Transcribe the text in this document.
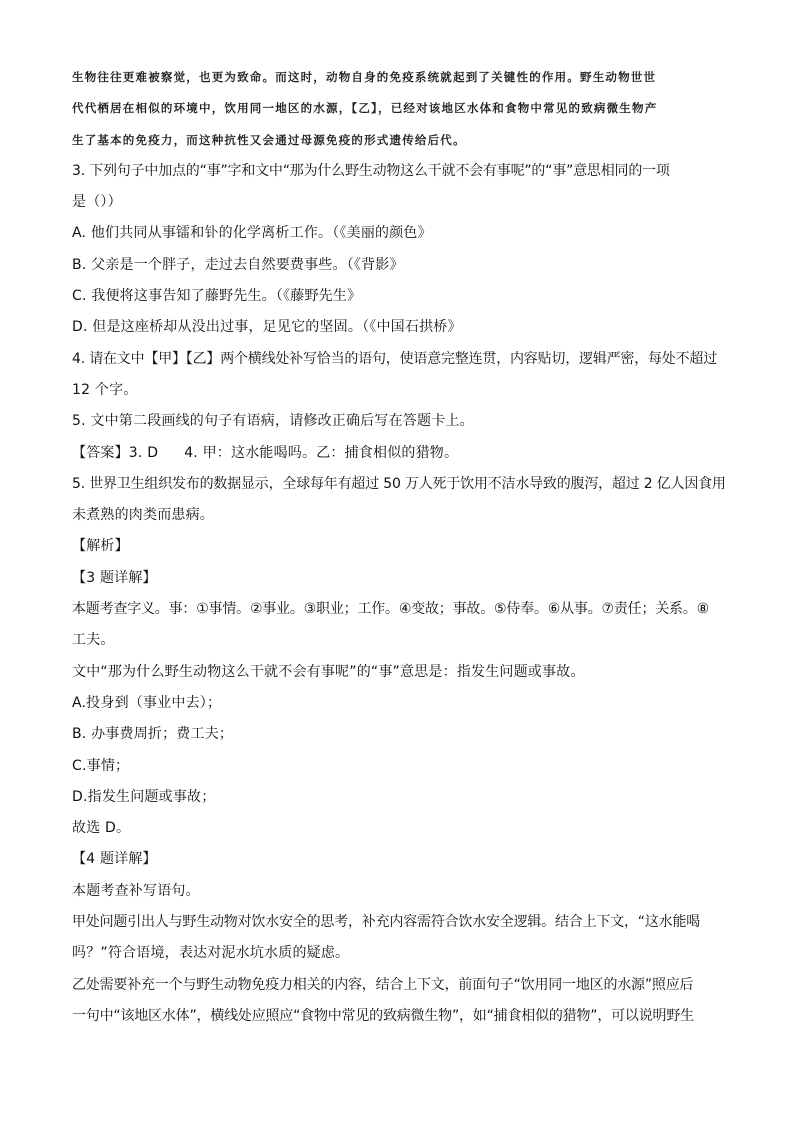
生物往往更难被察觉，也更为致命。而这时，动物自身的免疫系统就起到了关键性的作用。野生动物世世
代代栖居在相似的环境中，饮用同一地区的水源，【乙】，已经对该地区水体和食物中常见的致病微生物产
生了基本的免疫力，而这种抗性又会通过母源免疫的形式遗传给后代。
3. 下列句子中加点的“事”字和文中“那为什么野生动物这么干就不会有事呢”的“事”意思相同的一项
是（））
A. 他们共同从事镭和钋的化学离析工作。（《美丽的颜色》
B. 父亲是一个胖子，走过去自然要费事些。（《背影》
C. 我便将这事告知了藤野先生。（《藤野先生》
D. 但是这座桥却从没出过事，足见它的坚固。（《中国石拱桥》
4. 请在文中【甲】【乙】两个横线处补写恰当的语句，使语意完整连贯，内容贴切，逻辑严密，每处不超过
12 个字。
5. 文中第二段画线的句子有语病，请修改正确后写在答题卡上。
【答案】3. D 4. 甲：这水能喝吗。乙：捕食相似的猎物。
5. 世界卫生组织发布的数据显示，全球每年有超过 50 万人死于饮用不洁水导致的腹泻，超过 2 亿人因食用
未煮熟的肉类而患病。
【解析】
【3 题详解】
本题考查字义。事：①事情。②事业。③职业；工作。④变故；事故。⑤侍奉。⑥从事。⑦责任；关系。⑧
工夫。
文中“那为什么野生动物这么干就不会有事呢”的“事”意思是：指发生问题或事故。
A.投身到（事业中去）；
B. 办事费周折；费工夫；
C.事情；
D.指发生问题或事故；
故选 D。
【4 题详解】
本题考查补写语句。
甲处问题引出人与野生动物对饮水安全的思考，补充内容需符合饮水安全逻辑。结合上下文，“这水能喝
吗？”符合语境，表达对泥水坑水质的疑虑。
乙处需要补充一个与野生动物免疫力相关的内容，结合上下文，前面句子“饮用同一地区的水源”照应后
一句中“该地区水体”，横线处应照应“食物中常见的致病微生物”，如“捕食相似的猎物”，可以说明野生
